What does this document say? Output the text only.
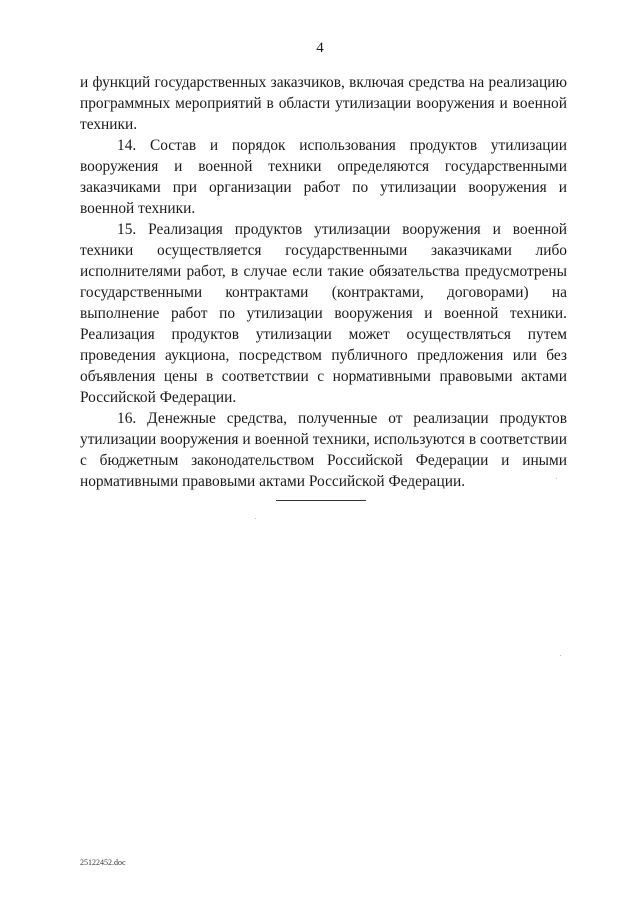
4

и функций государственных заказчиков, включая средства на реализацию программных мероприятий в области утилизации вооружения и военной техники.

14. Состав и порядок использования продуктов утилизации вооружения и военной техники определяются государственными заказчиками при организации работ по утилизации вооружения и военной техники.

15. Реализация продуктов утилизации вооружения и военной техники осуществляется государственными заказчиками либо исполнителями работ, в случае если такие обязательства предусмотрены государственными контрактами (контрактами, договорами) на выполнение работ по утилизации вооружения и военной техники. Реализация продуктов утилизации может осуществляться путем проведения аукциона, посредством публичного предложения или без объявления цены в соответствии с нормативными правовыми актами Российской Федерации.

16. Денежные средства, полученные от реализации продуктов утилизации вооружения и военной техники, используются в соответствии с бюджетным законодательством Российской Федерации и иными нормативными правовыми актами Российской Федерации.

25122452.doc
